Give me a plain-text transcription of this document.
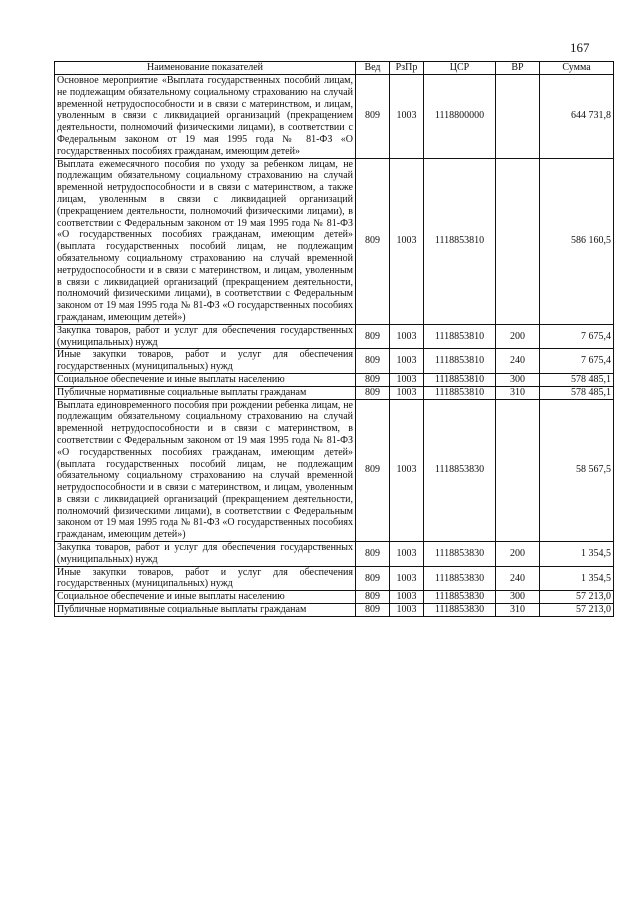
167
Наименование показателей	Вед	РзПр	ЦСР	ВР	Сумма
Основное мероприятие «Выплата государственных пособий лицам, не подлежащим обязательному социальному страхованию на случай временной нетрудоспособности и в связи с материнством, и лицам, уволенным в связи с ликвидацией организаций (прекращением деятельности, полномочий физическими лицами), в соответствии с Федеральным законом от 19 мая 1995 года № 81-ФЗ «О государственных пособиях гражданам, имеющим детей»	809	1003	1118800000		644 731,8
Выплата ежемесячного пособия по уходу за ребенком лицам, не подлежащим обязательному социальному страхованию на случай временной нетрудоспособности и в связи с материнством, а также лицам, уволенным в связи с ликвидацией организаций (прекращением деятельности, полномочий физическими лицами), в соответствии с Федеральным законом от 19 мая 1995 года № 81-ФЗ «О государственных пособиях гражданам, имеющим детей» (выплата государственных пособий лицам, не подлежащим обязательному социальному страхованию на случай временной нетрудоспособности и в связи с материнством, и лицам, уволенным в связи с ликвидацией организаций (прекращением деятельности, полномочий физическими лицами), в соответствии с Федеральным законом от 19 мая 1995 года № 81-ФЗ «О государственных пособиях гражданам, имеющим детей»)	809	1003	1118853810		586 160,5
Закупка товаров, работ и услуг для обеспечения государственных (муниципальных) нужд	809	1003	1118853810	200	7 675,4
Иные закупки товаров, работ и услуг для обеспечения государственных (муниципальных) нужд	809	1003	1118853810	240	7 675,4
Социальное обеспечение и иные выплаты населению	809	1003	1118853810	300	578 485,1
Публичные нормативные социальные выплаты гражданам	809	1003	1118853810	310	578 485,1
Выплата единовременного пособия при рождении ребенка лицам, не подлежащим обязательному социальному страхованию на случай временной нетрудоспособности и в связи с материнством, в соответствии с Федеральным законом от 19 мая 1995 года № 81-ФЗ «О государственных пособиях гражданам, имеющим детей» (выплата государственных пособий лицам, не подлежащим обязательному социальному страхованию на случай временной нетрудоспособности и в связи с материнством, и лицам, уволенным в связи с ликвидацией организаций (прекращением деятельности, полномочий физическими лицами), в соответствии с Федеральным законом от 19 мая 1995 года № 81-ФЗ «О государственных пособиях гражданам, имеющим детей»)	809	1003	1118853830		58 567,5
Закупка товаров, работ и услуг для обеспечения государственных (муниципальных) нужд	809	1003	1118853830	200	1 354,5
Иные закупки товаров, работ и услуг для обеспечения государственных (муниципальных) нужд	809	1003	1118853830	240	1 354,5
Социальное обеспечение и иные выплаты населению	809	1003	1118853830	300	57 213,0
Публичные нормативные социальные выплаты гражданам	809	1003	1118853830	310	57 213,0
